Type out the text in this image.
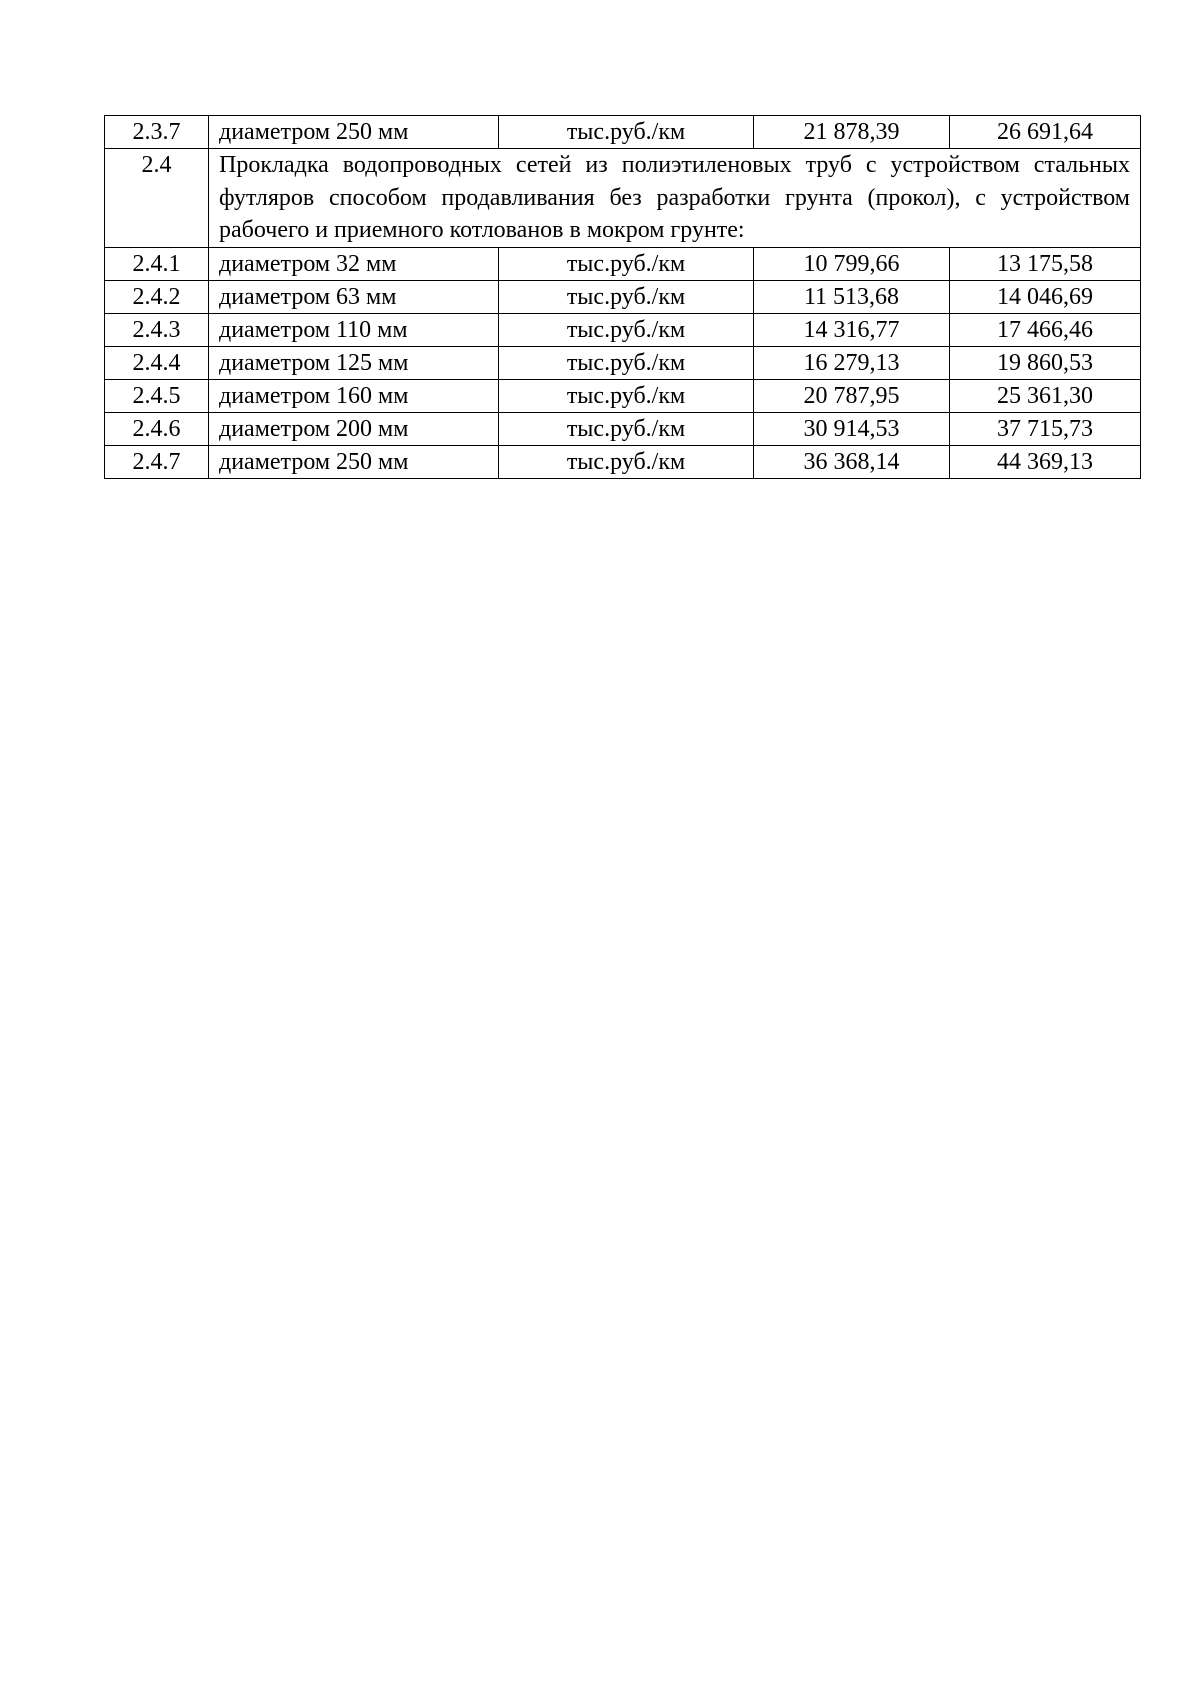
2.3.7	диаметром 250 мм	тыс.руб./км	21 878,39	26 691,64
2.4	Прокладка водопроводных сетей из полиэтиленовых труб с устройством стальных футляров способом продавливания без разработки грунта (прокол), с устройством рабочего и приемного котлованов в мокром грунте:			
2.4.1	диаметром 32 мм	тыс.руб./км	10 799,66	13 175,58
2.4.2	диаметром 63 мм	тыс.руб./км	11 513,68	14 046,69
2.4.3	диаметром 110 мм	тыс.руб./км	14 316,77	17 466,46
2.4.4	диаметром 125 мм	тыс.руб./км	16 279,13	19 860,53
2.4.5	диаметром 160 мм	тыс.руб./км	20 787,95	25 361,30
2.4.6	диаметром 200 мм	тыс.руб./км	30 914,53	37 715,73
2.4.7	диаметром 250 мм	тыс.руб./км	36 368,14	44 369,13
